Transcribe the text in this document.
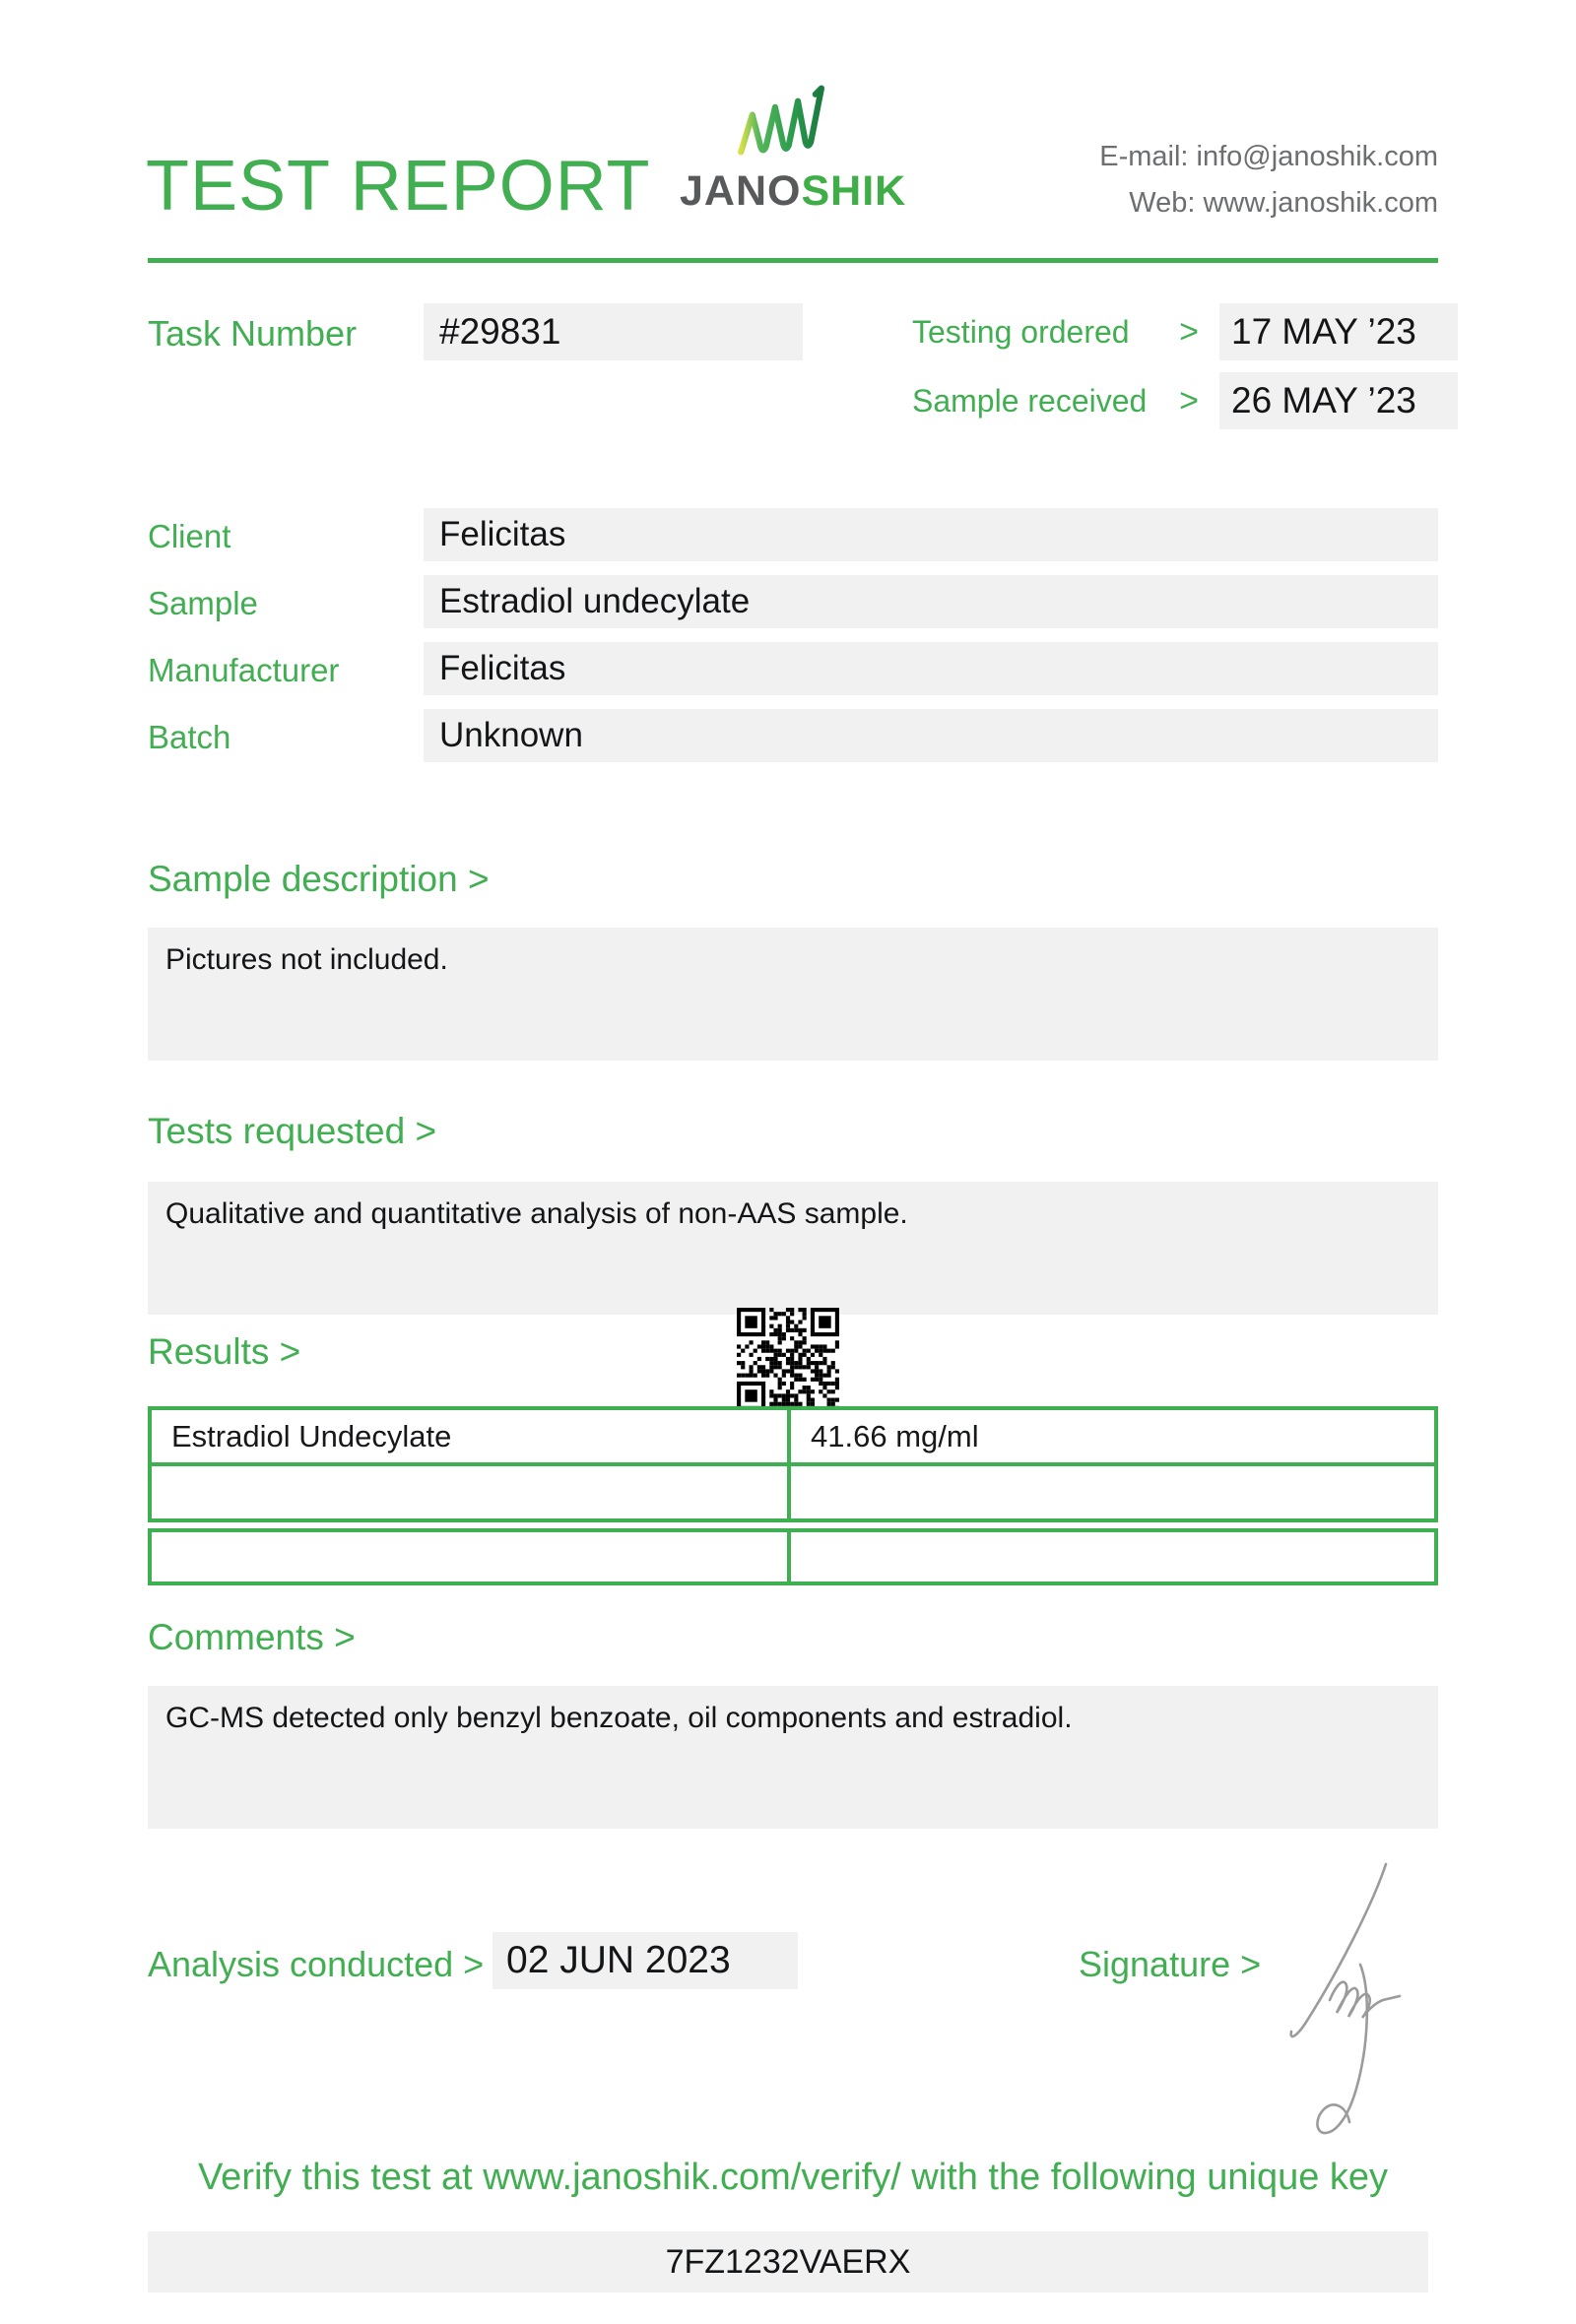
TEST REPORT JANOSHIK
E-mail: info@janoshik.com
Web: www.janoshik.com
Task Number	#29831	Testing ordered	> 17 MAY ’23
Sample received > 26 MAY ’23
Client	Felicitas
Sample	Estradiol undecylate
Manufacturer	Felicitas
Batch	Unknown
Sample description >
Pictures not included.
Tests requested >
Qualitative and quantitative analysis of non-AAS sample.
Results >
Estradiol Undecylate	41.66 mg/ml
Comments >
GC-MS detected only benzyl benzoate, oil components and estradiol.
Analysis conducted > 02 JUN 2023	Signature >
Verify this test at www.janoshik.com/verify/ with the following unique key
7FZ1232VAERX
